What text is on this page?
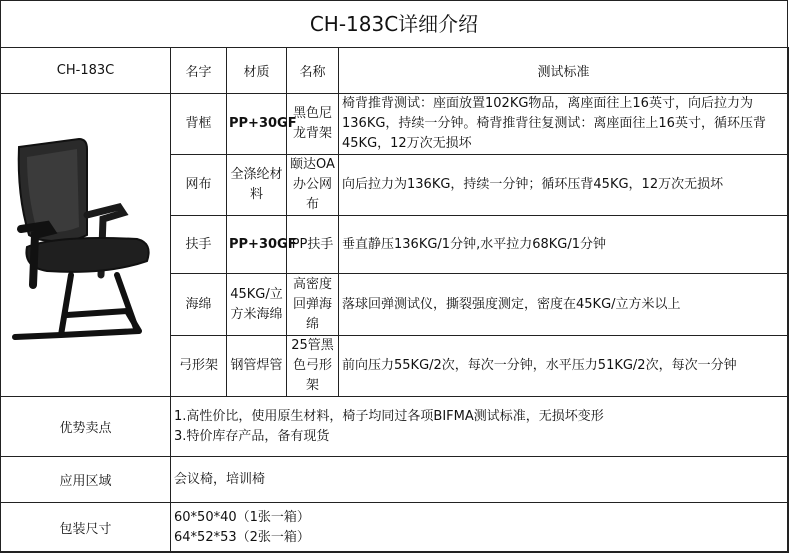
CH-183C详细介绍
CH-183C	名字	材质	名称	测试标准

	背框	PP+30GF	黑色尼龙背架	椅背推背测试：座面放置102KG物品，离座面往上16英寸，向后拉力为136KG，持续一分钟。椅背推背往复测试：离座面往上16英寸，循环压背45KG，12万次无损坏
	网布	全涤纶材料	颐达OA办公网布	向后拉力为136KG，持续一分钟；循环压背45KG，12万次无损坏
	扶手	PP+30GF	PP扶手	垂直静压136KG/1分钟,水平拉力68KG/1分钟
	海绵	45KG/立方米海绵	高密度回弹海绵	落球回弹测试仪，撕裂强度测定，密度在45KG/立方米以上
	弓形架	钢管焊管	25管黑色弓形架	前向压力55KG/2次，每次一分钟，水平压力51KG/2次，每次一分钟
优势卖点	1.高性价比，使用原生材料，椅子均同过各项BIFMA测试标准，无损坏变形
3.特价库存产品，备有现货			

应用区域	会议椅，培训椅			
包装尺寸	60*50*40（1张一箱）
64*52*53（2张一箱）			
